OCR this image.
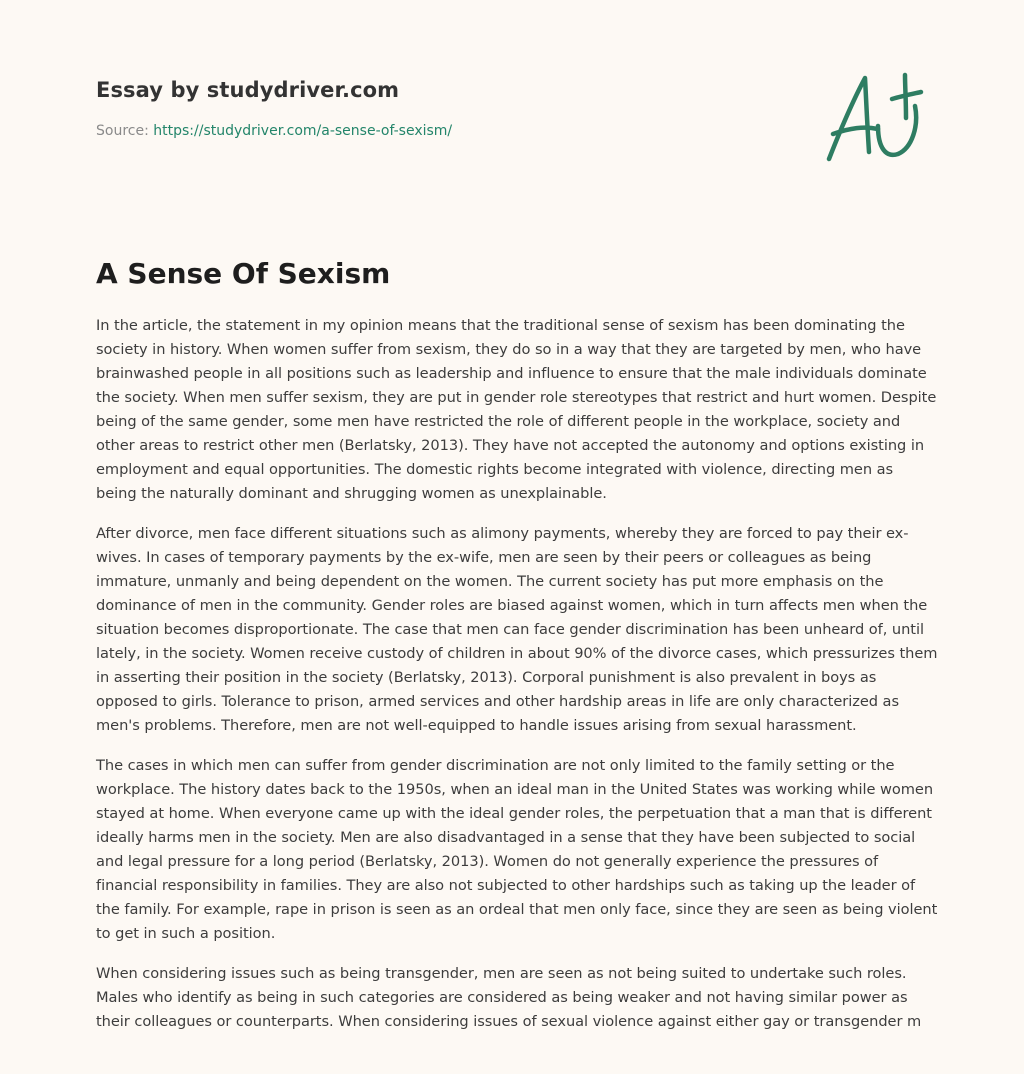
Essay by studydriver.com
Source: https://studydriver.com/a-sense-of-sexism/
A Sense Of Sexism

In the article, the statement in my opinion means that the traditional sense of sexism has been dominating the society in history. When women suffer from sexism, they do so in a way that they are targeted by men, who have brainwashed people in all positions such as leadership and influence to ensure that the male individuals dominate the society. When men suffer sexism, they are put in gender role stereotypes that restrict and hurt women. Despite being of the same gender, some men have restricted the role of different people in the workplace, society and other areas to restrict other men (Berlatsky, 2013). They have not accepted the autonomy and options existing in employment and equal opportunities. The domestic rights become integrated with violence, directing men as being the naturally dominant and shrugging women as unexplainable.

After divorce, men face different situations such as alimony payments, whereby they are forced to pay their ex-wives. In cases of temporary payments by the ex-wife, men are seen by their peers or colleagues as being immature, unmanly and being dependent on the women. The current society has put more emphasis on the dominance of men in the community. Gender roles are biased against women, which in turn affects men when the situation becomes disproportionate. The case that men can face gender discrimination has been unheard of, until lately, in the society. Women receive custody of children in about 90% of the divorce cases, which pressurizes them in asserting their position in the society (Berlatsky, 2013). Corporal punishment is also prevalent in boys as opposed to girls. Tolerance to prison, armed services and other hardship areas in life are only characterized as men's problems. Therefore, men are not well-equipped to handle issues arising from sexual harassment.

The cases in which men can suffer from gender discrimination are not only limited to the family setting or the workplace. The history dates back to the 1950s, when an ideal man in the United States was working while women stayed at home. When everyone came up with the ideal gender roles, the perpetuation that a man that is different ideally harms men in the society. Men are also disadvantaged in a sense that they have been subjected to social and legal pressure for a long period (Berlatsky, 2013). Women do not generally experience the pressures of financial responsibility in families. They are also not subjected to other hardships such as taking up the leader of the family. For example, rape in prison is seen as an ordeal that men only face, since they are seen as being violent to get in such a position.

When considering issues such as being transgender, men are seen as not being suited to undertake such roles. Males who identify as being in such categories are considered as being weaker and not having similar power as their colleagues or counterparts. When considering issues of sexual violence against either gay or transgender m
